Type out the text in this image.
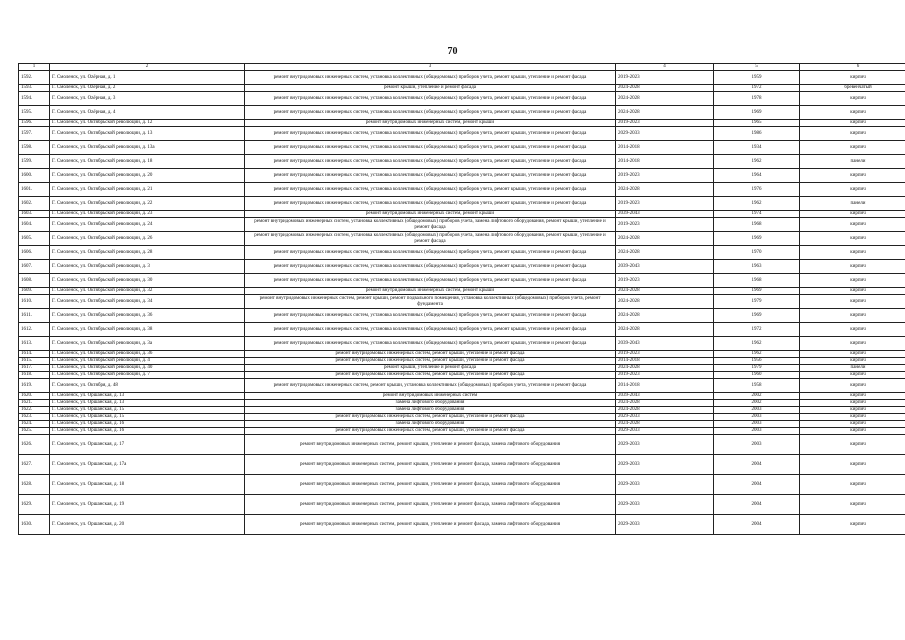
70
1	2	3	4	5	6
1592.	Г. Смоленск, ул. Ozёрная, д. 1	ремонт внутридомовых инженерных систем, установка коллективных (общедомовых) приборов учета, ремонт крыши, утепление и ремонт фасада	2019-2023	1959	кирпич
1593.	Г. Смоленск, ул. Ozёрная, д. 2	ремонт крыши, утепление и ремонт фасада	2024-2028	1972	бревенчатый
1594.	Г. Смоленск, ул. Ozёрная, д. 3	ремонт внутридомовых инженерных систем, установка коллективных (общедомовых) приборов учета, ремонт крыши, утепление и ремонт фасада	2024-2028	1978	кирпич
1595.	Г. Смоленск, ул. Ozёрная, д. 4	ремонт внутридомовых инженерных систем, установка коллективных (общедомовых) приборов учета, ремонт крыши, утепление и ремонт фасада	2024-2028	1969	кирпич
1596.	Г. Смоленск, ул. Октябрьской революции, д. 12	ремонт внутридомовых инженерных систем, ремонт крыши	2019-2023	1965	кирпич
1597.	Г. Смоленск, ул. Октябрьской революции, д. 13	ремонт внутридомовых инженерных систем, установка коллективных (общедомовых) приборов учета, ремонт крыши, утепление и ремонт фасада	2029-2033	1986	кирпич
1598.	Г. Смоленск, ул. Октябрьской революции, д. 13а	ремонт внутридомовых инженерных систем, установка коллективных (общедомовых) приборов учета, ремонт крыши, утепление и ремонт фасада	2014-2018	1934	кирпич
1599.	Г. Смоленск, ул. Октябрьской революции, д. 18	ремонт внутридомовых инженерных систем, установка коллективных (общедомовых) приборов учета, ремонт крыши, утепление и ремонт фасада	2014-2018	1962	панели
1600.	Г. Смоленск, ул. Октябрьской революции, д. 20	ремонт внутридомовых инженерных систем, установка коллективных (общедомовых) приборов учета, ремонт крыши, утепление и ремонт фасада	2019-2023	1964	кирпич
1601.	Г. Смоленск, ул. Октябрьской революции, д. 21	ремонт внутридомовых инженерных систем, установка коллективных (общедомовых) приборов учета, ремонт крыши, утепление и ремонт фасада	2024-2028	1976	кирпич
1602.	Г. Смоленск, ул. Октябрьской революции, д. 22	ремонт внутридомовых инженерных систем, установка коллективных (общедомовых) приборов учета, ремонт крыши, утепление и ремонт фасада	2019-2023	1962	панели
1603.	Г. Смоленск, ул. Октябрьской революции, д. 23	ремонт внутридомовых инженерных систем, ремонт крыши	2039-2043	1974	кирпич
1604.	Г. Смоленск, ул. Октябрьской революции, д. 24	ремонт внутридомовых инженерных систем, установка коллективных (общедомовых) приборов учета, замена лифтового оборудования, ремонт крыши, утепление и ремонт фасада	2019-2023	1968	кирпич
1605.	Г. Смоленск, ул. Октябрьской революции, д. 26	ремонт внутридомовых инженерных систем, установка коллективных (общедомовых) приборов учета, замена лифтового оборудования, ремонт крыши, утепление и ремонт фасада	2024-2028	1969	кирпич
1606.	Г. Смоленск, ул. Октябрьской революции, д. 28	ремонт внутридомовых инженерных систем, установка коллективных (общедомовых) приборов учета, ремонт крыши, утепление и ремонт фасада	2024-2028	1970	кирпич
1607.	Г. Смоленск, ул. Октябрьской революции, д. 3	ремонт внутридомовых инженерных систем, установка коллективных (общедомовых) приборов учета, ремонт крыши, утепление и ремонт фасада	2039-2043	1963	кирпич
1608.	Г. Смоленск, ул. Октябрьской революции, д. 30	ремонт внутридомовых инженерных систем, установка коллективных (общедомовых) приборов учета, ремонт крыши, утепление и ремонт фасада	2019-2023	1968	кирпич
1609.	Г. Смоленск, ул. Октябрьской революции, д. 32	ремонт внутридомовых инженерных систем, ремонт крыши	2024-2028	1969	кирпич
1610.	Г. Смоленск, ул. Октябрьской революции, д. 34	ремонт внутридомовых инженерных систем, ремонт крыши, ремонт подвального помещения, установка коллективных (общедомовых) приборов учета, ремонт фундамента	2024-2028	1979	кирпич
1611.	Г. Смоленск, ул. Октябрьской революции, д. 36	ремонт внутридомовых инженерных систем, установка коллективных (общедомовых) приборов учета, ремонт крыши, утепление и ремонт фасада	2024-2028	1969	кирпич
1612.	Г. Смоленск, ул. Октябрьской революции, д. 38	ремонт внутридомовых инженерных систем, установка коллективных (общедомовых) приборов учета, ремонт крыши, утепление и ремонт фасада	2024-2028	1972	кирпич
1613.	Г. Смоленск, ул. Октябрьской революции, д. 3а	ремонт внутридомовых инженерных систем, установка коллективных (общедомовых) приборов учета, ремонт крыши, утепление и ремонт фасада	2039-2043	1962	кирпич
1614.	Г. Смоленск, ул. Октябрьской революции, д. 36	ремонт внутридомовых инженерных систем, ремонт крыши, утепление и ремонт фасада	2019-2023	1962	кирпич
1615.	Г. Смоленск, ул. Октябрьской революции, д. 4	ремонт внутридомовых инженерных систем, ремонт крыши, утепление и ремонт фасада	2014-2018	1956	кирпич
1617.	Г. Смоленск, ул. Октябрьской революции, д. 40	ремонт крыши, утепление и ремонт фасада	2024-2028	1979	панели
1618.	Г. Смоленск, ул. Октябрьской революции, д. 7	ремонт внутридомовых инженерных систем, ремонт крыши, утепление и ремонт фасада	2019-2023	1960	кирпич
1619.	Г. Смоленск, ул. Октября, д. 48	ремонт внутридомовых инженерных систем, ремонт крыши, установка коллективных (общедомовых) приборов учета, утепление и ремонт фасада	2014-2018	1958	кирпич
1620.	Г. Смоленск, ул. Оршанская, д. 13	ремонт внутридомовых инженерных систем	2039-2043	2002	кирпич
1621.	Г. Смоленск, ул. Оршанская, д. 13	замена лифтового оборудования	2024-2028	2002	кирпич
1622.	Г. Смоленск, ул. Оршанская, д. 15	замена лифтового оборудования	2024-2028	2003	кирпич
1623.	Г. Смоленск, ул. Оршанская, д. 15	ремонт внутридомовых инженерных систем, ремонт крыши, утепление и ремонт фасада	2029-2033	2003	кирпич
1624.	Г. Смоленск, ул. Оршанская, д. 16	замена лифтового оборудования	2024-2028	2003	кирпич
1625.	Г. Смоленск, ул. Оршанская, д. 16	ремонт внутридомовых инженерных систем, ремонт крыши, утепление и ремонт фасада	2029-2033	2003	кирпич
1626.	Г. Смоленск, ул. Оршанская, д. 17	ремонт внутридомовых инженерных систем, ремонт крыши, утепление и ремонт фасада, замена лифтового оборудования	2029-2033	2003	кирпич
1627.	Г. Смоленск, ул. Оршанская, д. 17а	ремонт внутридомовых инженерных систем, ремонт крыши, утепление и ремонт фасада, замена лифтового оборудования	2029-2033	2004	кирпич
1628.	Г. Смоленск, ул. Оршанская, д. 18	ремонт внутридомовых инженерных систем, ремонт крыши, утепление и ремонт фасада, замена лифтового оборудования	2029-2033	2004	кирпич
1629.	Г. Смоленск, ул. Оршанская, д. 19	ремонт внутридомовых инженерных систем, ремонт крыши, утепление и ремонт фасада, замена лифтового оборудования	2029-2033	2004	кирпич
1630.	Г. Смоленск, ул. Оршанская, д. 20	ремонт внутридомовых инженерных систем, ремонт крыши, утепление и ремонт фасада, замена лифтового оборудования	2029-2033	2004	кирпич
